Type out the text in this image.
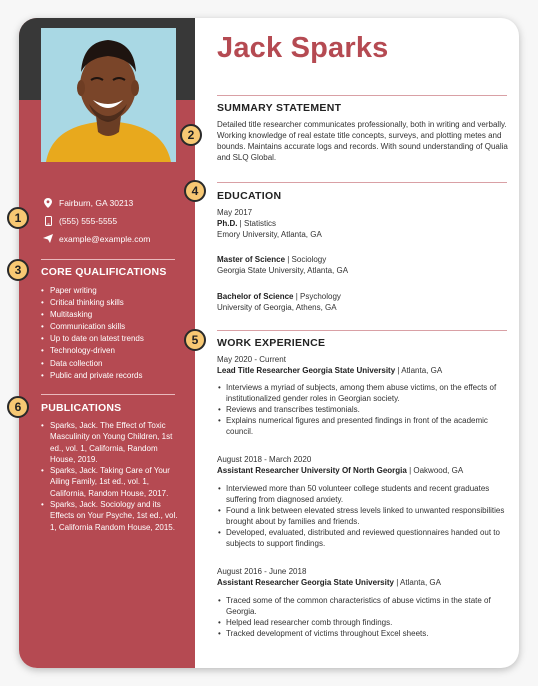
Fairburn, GA 30213
(555) 555-5555
example@example.com
CORE QUALIFICATIONS
• Paper writing
• Critical thinking skills
• Multitasking
• Communication skills
• Up to date on latest trends
• Technology-driven
• Data collection
• Public and private records
PUBLICATIONS
• Sparks, Jack. The Effect of Toxic Masculinity on Young Children, 1st ed., vol. 1, California, Random House, 2019.
• Sparks, Jack. Taking Care of Your Ailing Family, 1st ed., vol. 1, California, Random House, 2017.
• Sparks, Jack. Sociology and its Effects on Your Psyche, 1st ed., vol. 1, California Random House, 2015.
Jack Sparks
SUMMARY STATEMENT
Detailed title researcher communicates professionally, both in writing and verbally. Working knowledge of real estate title concepts, surveys, and plotting metes and bounds. Maintains accurate logs and records. With sound understanding of Qualia and SLQ Global.
EDUCATION
May 2017
Ph.D. | Statistics
Emory University, Atlanta, GA
Master of Science | Sociology
Georgia State University, Atlanta, GA
Bachelor of Science | Psychology
University of Georgia, Athens, GA
WORK EXPERIENCE
May 2020 - Current
Lead Title Researcher Georgia State University | Atlanta, GA
• Interviews a myriad of subjects, among them abuse victims, on the effects of institutionalized gender roles in Georgian society.
• Reviews and transcribes testimonials.
• Explains numerical figures and presented findings in front of the academic council.
August 2018 - March 2020
Assistant Researcher University Of North Georgia | Oakwood, GA
• Interviewed more than 50 volunteer college students and recent graduates suffering from diagnosed anxiety.
• Found a link between elevated stress levels linked to unwanted responsibilities brought about by families and friends.
• Developed, evaluated, distributed and reviewed questionnaires handed out to subjects to support findings.
August 2016 - June 2018
Assistant Researcher Georgia State University | Atlanta, GA
• Traced some of the common characteristics of abuse victims in the state of Georgia.
• Helped lead researcher comb through findings.
• Tracked development of victims throughout Excel sheets.
1
2
3
4
5
6
